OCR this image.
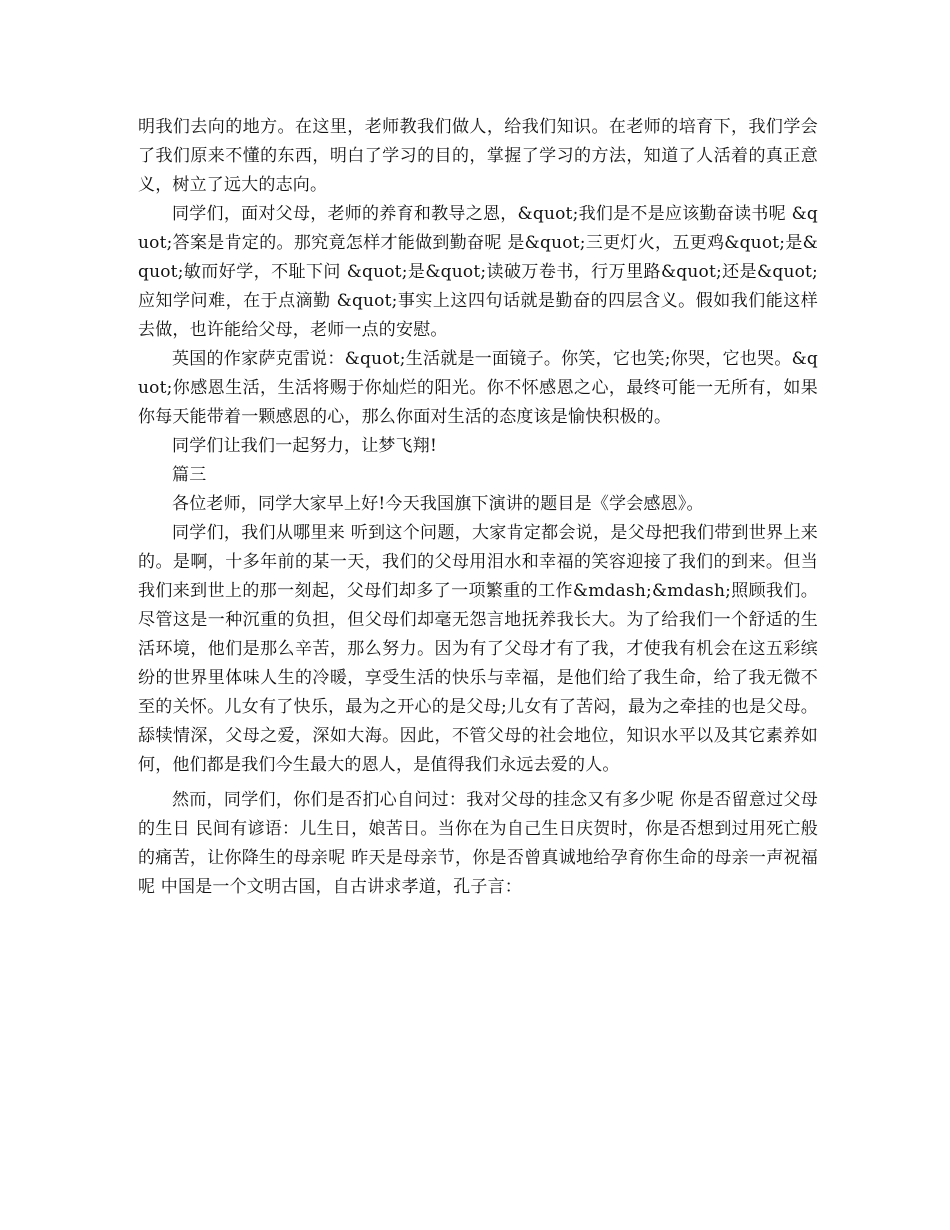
明我们去向的地方。在这里，老师教我们做人，给我们知识。在老师的培育下，我们学会了我们原来不懂的东西，明白了学习的目的，掌握了学习的方法，知道了人活着的真正意义，树立了远大的志向。

同学们，面对父母，老师的养育和教导之恩，&quot;我们是不是应该勤奋读书呢 &quot;答案是肯定的。那究竟怎样才能做到勤奋呢 是&quot;三更灯火，五更鸡&quot;是&quot;敏而好学，不耻下问 &quot;是&quot;读破万卷书，行万里路&quot;还是&quot;应知学问难，在于点滴勤 &quot;事实上这四句话就是勤奋的四层含义。假如我们能这样去做，也许能给父母，老师一点的安慰。

英国的作家萨克雷说：&quot;生活就是一面镜子。你笑，它也笑;你哭，它也哭。&quot;你感恩生活，生活将赐于你灿烂的阳光。你不怀感恩之心，最终可能一无所有，如果你每天能带着一颗感恩的心，那么你面对生活的态度该是愉快积极的。

同学们让我们一起努力，让梦飞翔!

篇三

各位老师，同学大家早上好!今天我国旗下演讲的题目是《学会感恩》。

同学们，我们从哪里来 听到这个问题，大家肯定都会说，是父母把我们带到世界上来的。是啊，十多年前的某一天，我们的父母用泪水和幸福的笑容迎接了我们的到来。但当我们来到世上的那一刻起，父母们却多了一项繁重的工作&mdash;&mdash;照顾我们。尽管这是一种沉重的负担，但父母们却毫无怨言地抚养我长大。为了给我们一个舒适的生活环境，他们是那么辛苦，那么努力。因为有了父母才有了我，才使我有机会在这五彩缤纷的世界里体味人生的冷暖，享受生活的快乐与幸福，是他们给了我生命，给了我无微不至的关怀。儿女有了快乐，最为之开心的是父母;儿女有了苦闷，最为之牵挂的也是父母。舔犊情深，父母之爱，深如大海。因此，不管父母的社会地位，知识水平以及其它素养如何，他们都是我们今生最大的恩人，是值得我们永远去爱的人。

然而，同学们，你们是否扪心自问过：我对父母的挂念又有多少呢 你是否留意过父母的生日 民间有谚语：儿生日，娘苦日。当你在为自己生日庆贺时，你是否想到过用死亡般的痛苦，让你降生的母亲呢 昨天是母亲节，你是否曾真诚地给孕育你生命的母亲一声祝福呢 中国是一个文明古国，自古讲求孝道，孔子言：
